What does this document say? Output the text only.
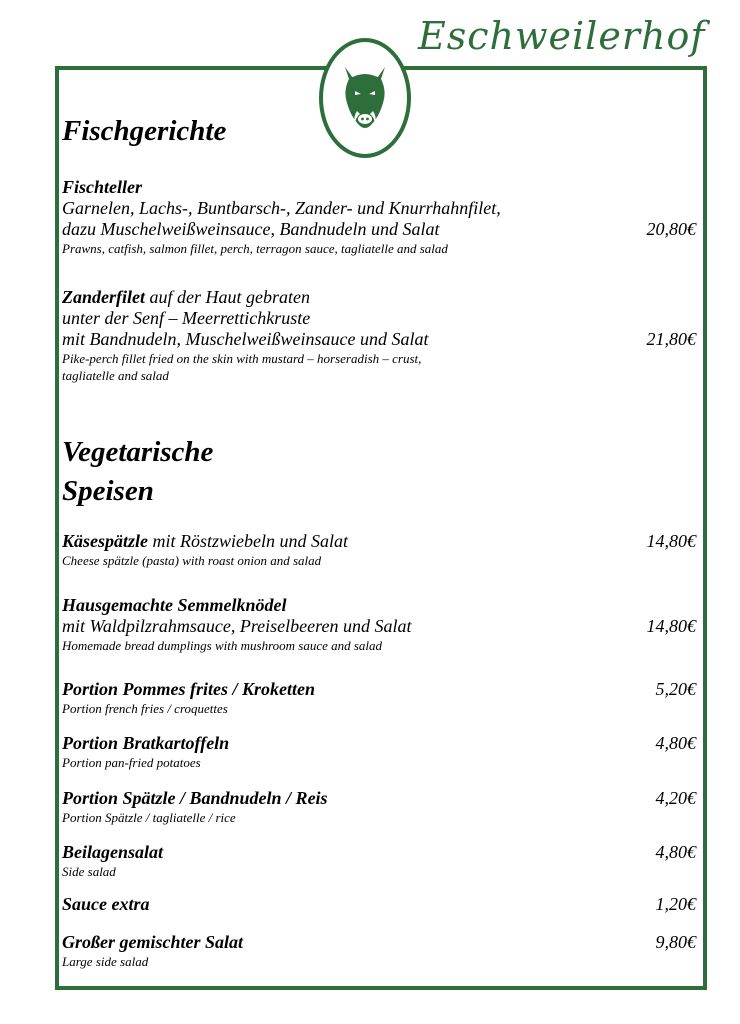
Eschweilerhof
Fischgerichte
Fischteller
Garnelen, Lachs-, Buntbarsch-, Zander- und Knurrhahnfilet,
dazu Muschelweißweinsauce, Bandnudeln und Salat
Prawns, catfish, salmon fillet, perch, terragon sauce, tagliatelle and salad
20,80€
Zanderfilet auf der Haut gebraten
unter der Senf – Meerrettichkruste
mit Bandnudeln, Muschelweißweinsauce und Salat
Pike-perch fillet fried on the skin with mustard – horseradish – crust,
tagliatelle and salad
21,80€
Vegetarische
Speisen
Käsespätzle mit Röstzwiebeln und Salat
Cheese spätzle (pasta) with roast onion and salad
14,80€
Hausgemachte Semmelknödel
mit Waldpilzrahmsauce, Preiselbeeren und Salat
Homemade bread dumplings with mushroom sauce and salad
14,80€
Portion Pommes frites / Kroketten
Portion french fries / croquettes
5,20€
Portion Bratkartoffeln
Portion pan-fried potatoes
4,80€
Portion Spätzle / Bandnudeln / Reis
Portion Spätzle / tagliatelle / rice
4,20€
Beilagensalat
Side salad
4,80€
Sauce extra	1,20€
Großer gemischter Salat
Large side salad
9,80€
